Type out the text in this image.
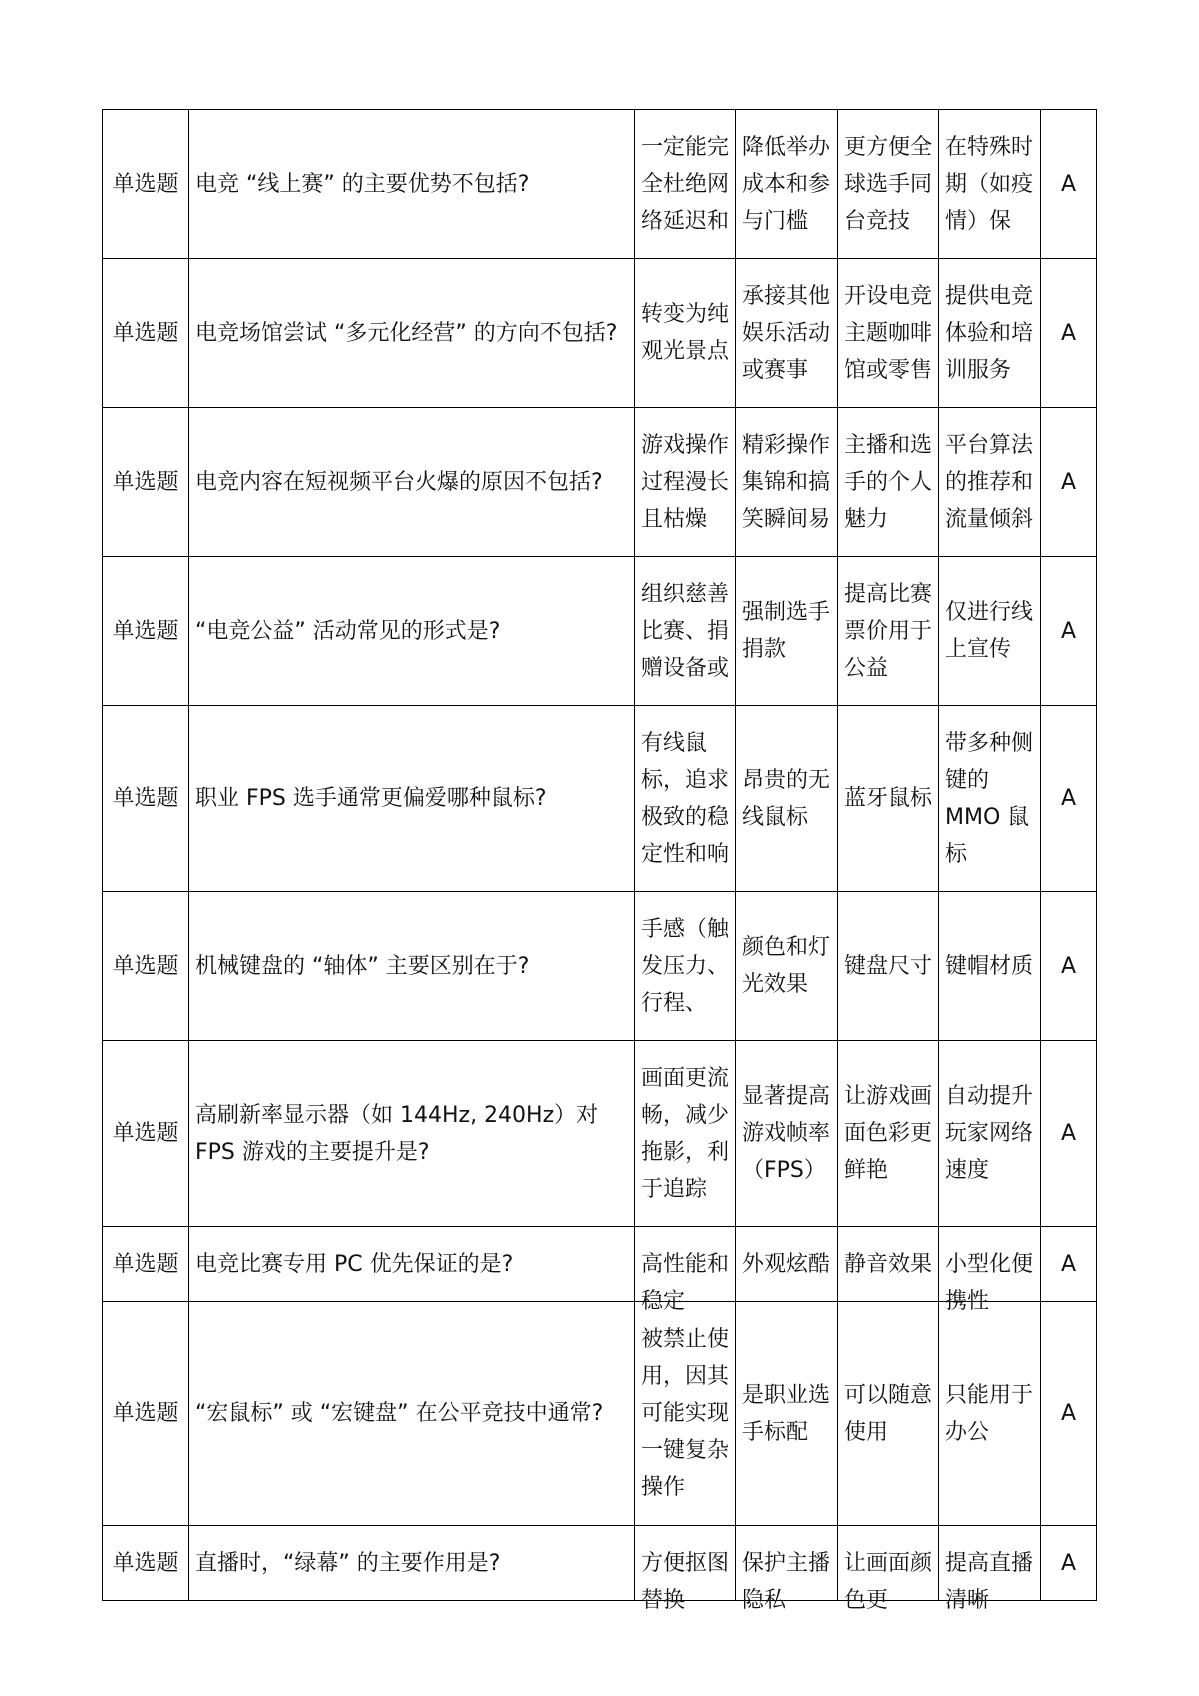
单选题	电竞 “线上赛” 的主要优势不包括?	一定能完全杜绝网络延迟和	降低举办成本和参与门槛	更方便全球选手同台竞技	在特殊时期（如疫情）保	A
单选题	电竞场馆尝试 “多元化经营” 的方向不包括?	转变为纯观光景点	承接其他娱乐活动或赛事	开设电竞主题咖啡馆或零售	提供电竞体验和培训服务	A
单选题	电竞内容在短视频平台火爆的原因不包括?	游戏操作过程漫长且枯燥	精彩操作集锦和搞笑瞬间易	主播和选手的个人魅力	平台算法的推荐和流量倾斜	A
单选题	“电竞公益” 活动常见的形式是?	组织慈善比赛、捐赠设备或	强制选手捐款	提高比赛票价用于公益	仅进行线上宣传	A
单选题	职业 FPS 选手通常更偏爱哪种鼠标?	有线鼠标，追求极致的稳定性和响	昂贵的无线鼠标	蓝牙鼠标	带多种侧键的 MMO 鼠标	A
单选题	机械键盘的 “轴体” 主要区别在于?	手感（触发压力、行程、	颜色和灯光效果	键盘尺寸	键帽材质	A
单选题	高刷新率显示器（如 144Hz, 240Hz）对 FPS 游戏的主要提升是?	画面更流畅，减少拖影，利于追踪	显著提高游戏帧率（FPS）	让游戏画面色彩更鲜艳	自动提升玩家网络速度	A
单选题	电竞比赛专用 PC 优先保证的是?	高性能和稳定	外观炫酷	静音效果	小型化便携性	A
单选题	“宏鼠标” 或 “宏键盘” 在公平竞技中通常?	被禁止使用，因其可能实现一键复杂操作	是职业选手标配	可以随意使用	只能用于办公	A
单选题	直播时，“绿幕” 的主要作用是?	方便抠图替换	保护主播隐私	让画面颜色更	提高直播清晰	A
